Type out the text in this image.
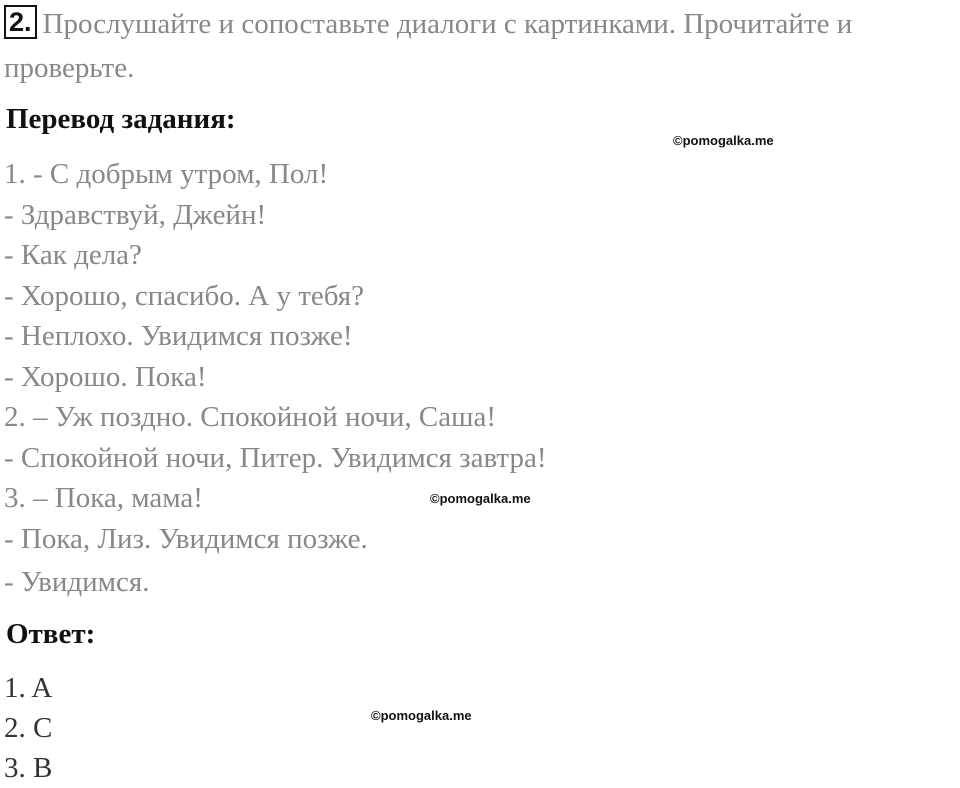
2. Прослушайте и сопоставьте диалоги с картинками. Прочитайте и проверьте.
Перевод задания:
1. - С добрым утром, Пол!
- Здравствуй, Джейн!
- Как дела?
- Хорошо, спасибо. А у тебя?
- Неплохо. Увидимся позже!
- Хорошо. Пока!
2. – Уж поздно. Спокойной ночи, Саша!
- Спокойной ночи, Питер. Увидимся завтра!
3. – Пока, мама!
- Пока, Лиз. Увидимся позже.
- Увидимся.
Ответ:
1. A
2. C
3. B
©pomogalka.me
©pomogalka.me
©pomogalka.me
